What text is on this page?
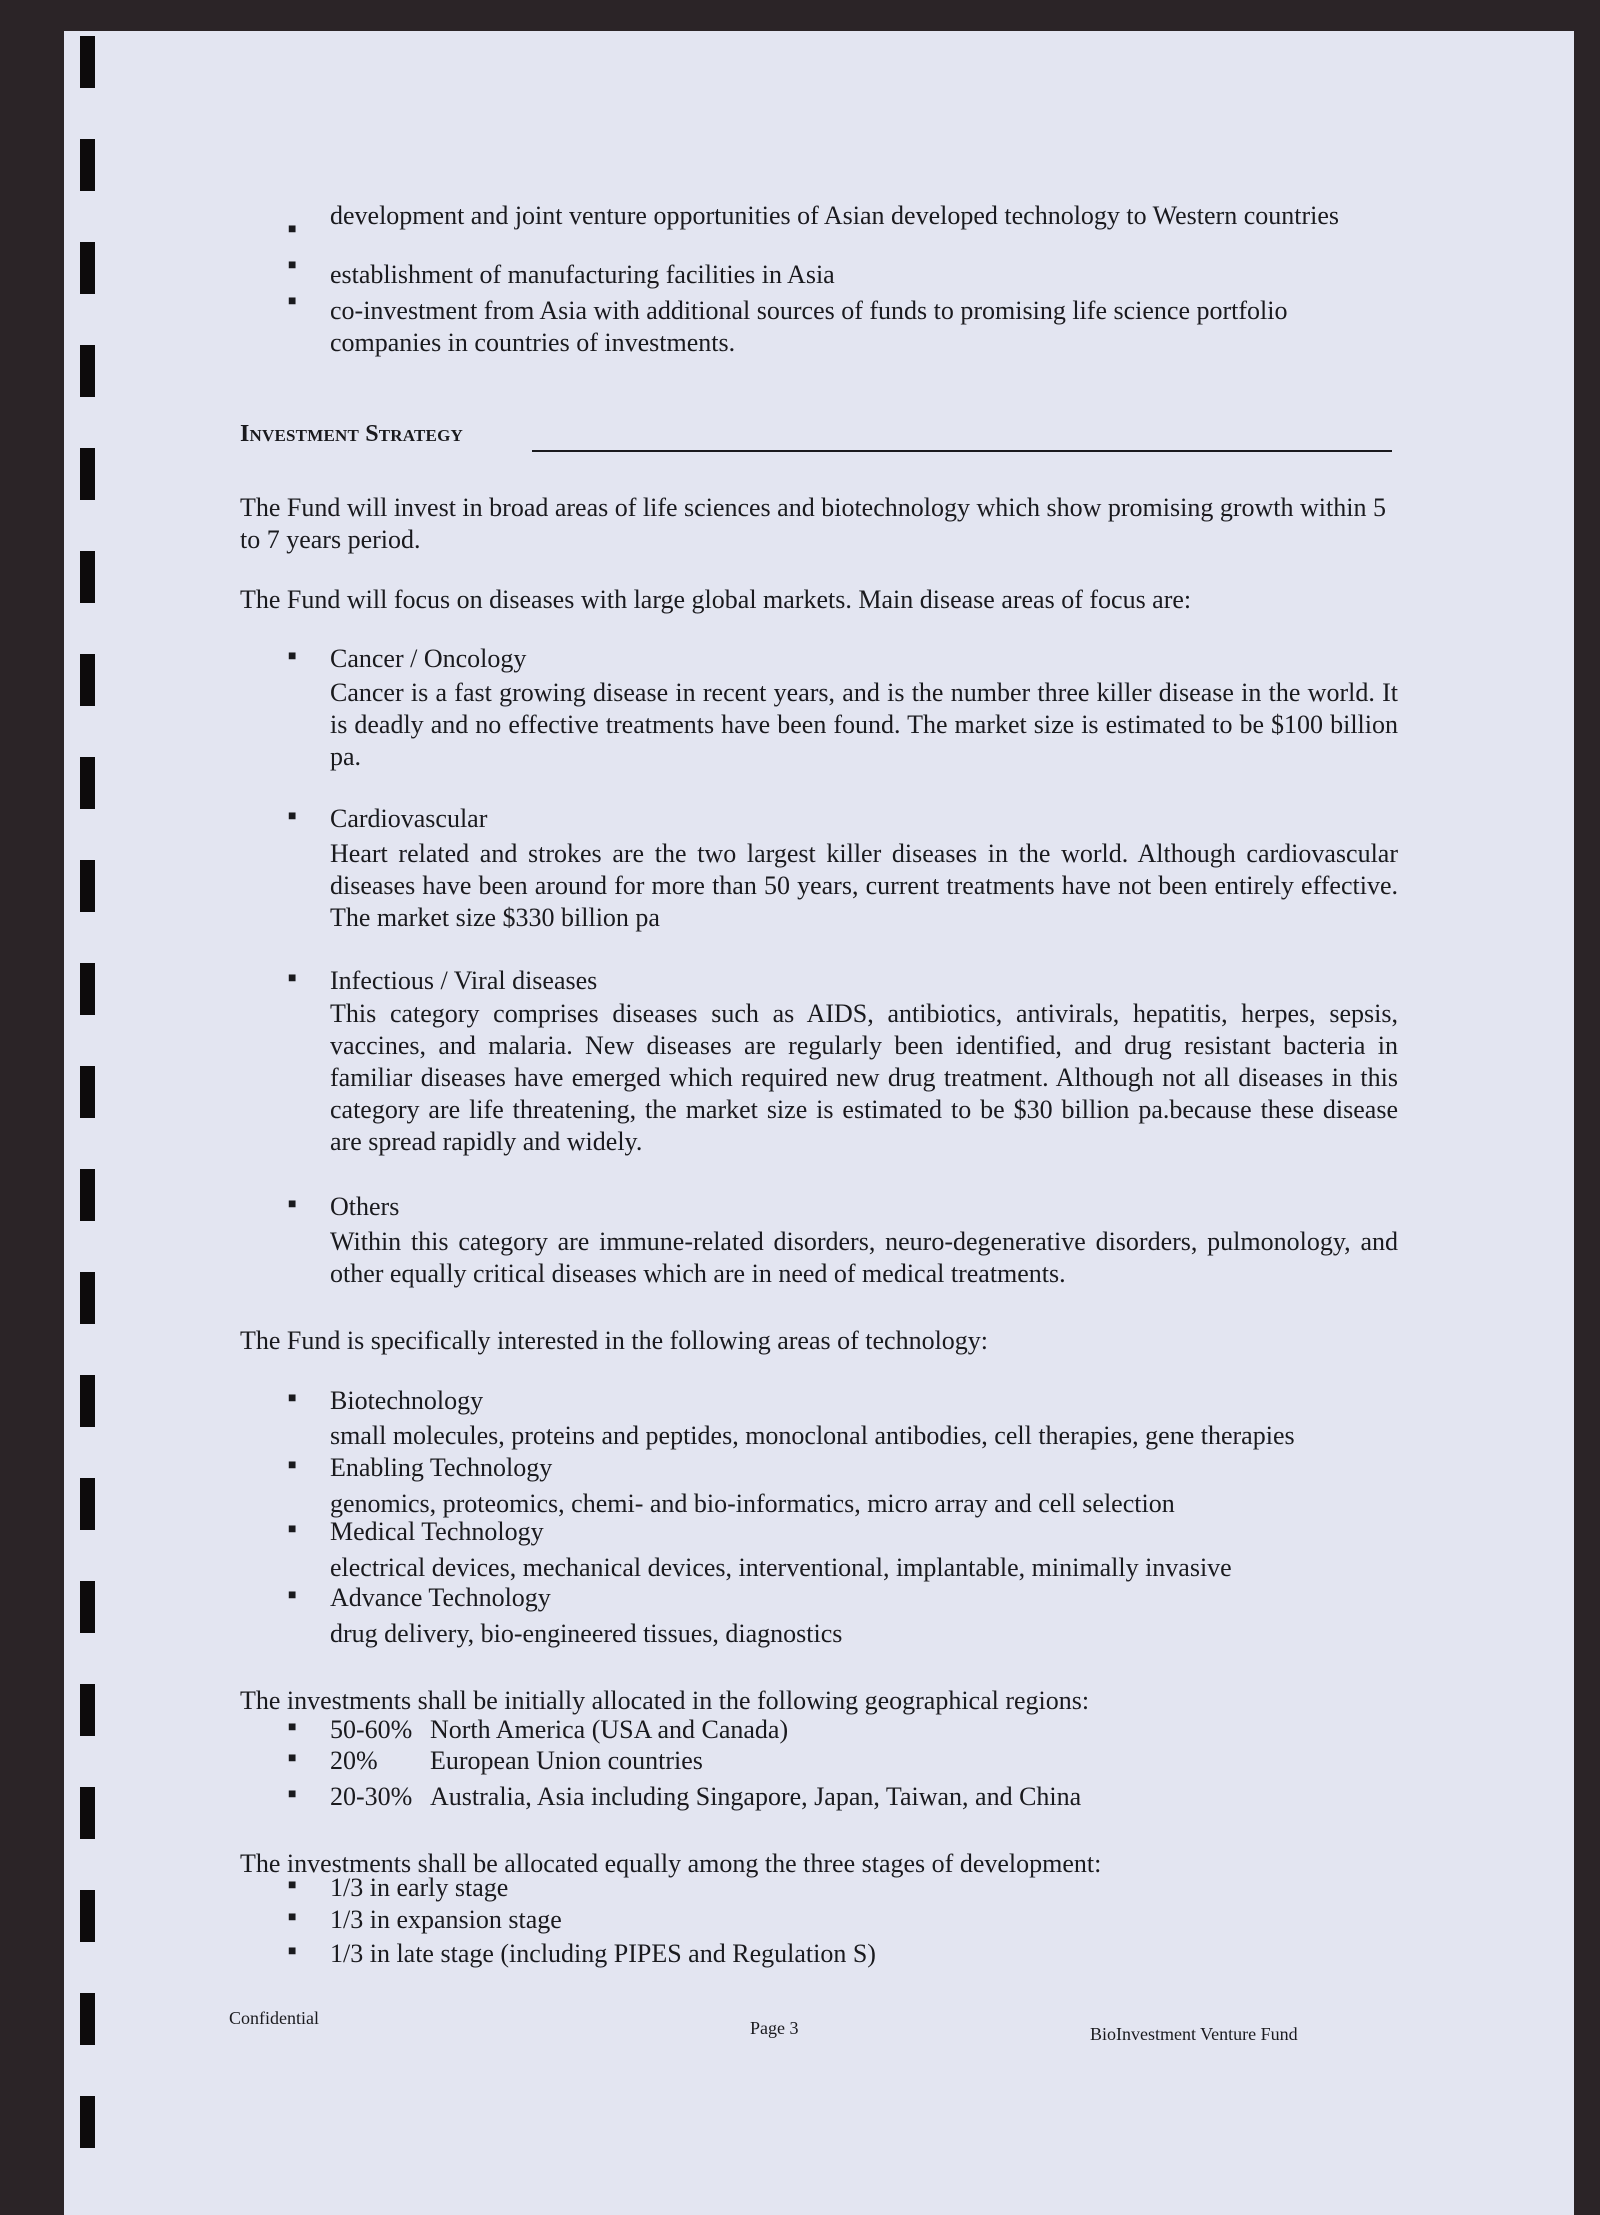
■ development and joint venture opportunities of Asian developed technology to Western countries
■ establishment of manufacturing facilities in Asia
■ co-investment from Asia with additional sources of funds to promising life science portfolio companies in countries of investments.
Investment Strategy
The Fund will invest in broad areas of life sciences and biotechnology which show promising growth within 5 to 7 years period.
The Fund will focus on diseases with large global markets. Main disease areas of focus are:
■ Cancer / Oncology
Cancer is a fast growing disease in recent years, and is the number three killer disease in the world. It is deadly and no effective treatments have been found. The market size is estimated to be $100 billion pa.
■ Cardiovascular
Heart related and strokes are the two largest killer diseases in the world. Although cardiovascular diseases have been around for more than 50 years, current treatments have not been entirely effective. The market size $330 billion pa
■ Infectious / Viral diseases
This category comprises diseases such as AIDS, antibiotics, antivirals, hepatitis, herpes, sepsis, vaccines, and malaria. New diseases are regularly been identified, and drug resistant bacteria in familiar diseases have emerged which required new drug treatment. Although not all diseases in this category are life threatening, the market size is estimated to be $30 billion pa.because these disease are spread rapidly and widely.
■ Others
Within this category are immune-related disorders, neuro-degenerative disorders, pulmonology, and other equally critical diseases which are in need of medical treatments.
The Fund is specifically interested in the following areas of technology:
■ Biotechnology
small molecules, proteins and peptides, monoclonal antibodies, cell therapies, gene therapies
■ Enabling Technology
genomics, proteomics, chemi- and bio-informatics, micro array and cell selection
■ Medical Technology
electrical devices, mechanical devices, interventional, implantable, minimally invasive
■ Advance Technology
drug delivery, bio-engineered tissues, diagnostics
The investments shall be initially allocated in the following geographical regions:
■ 50-60% North America (USA and Canada)
■ 20% European Union countries
■ 20-30% Australia, Asia including Singapore, Japan, Taiwan, and China
The investments shall be allocated equally among the three stages of development:
■ 1/3 in early stage
■ 1/3 in expansion stage
■ 1/3 in late stage (including PIPES and Regulation S)
Confidential	Page 3	BioInvestment Venture Fund
